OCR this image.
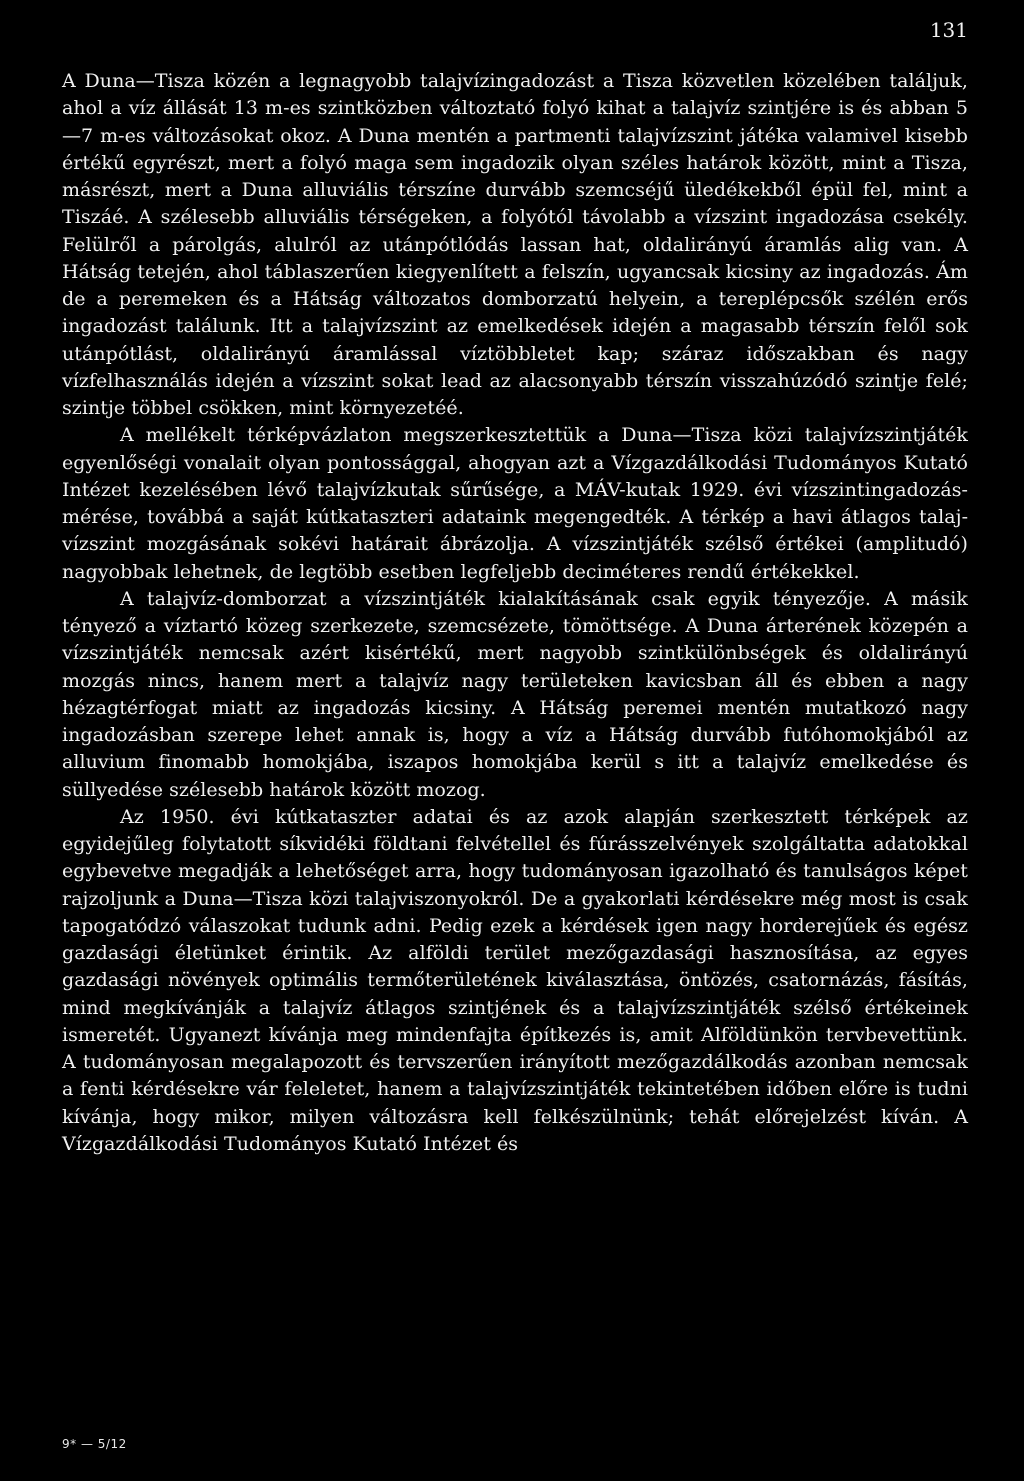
131

A Duna—Tisza közén a legnagyobb talajvízingadozást a Tisza közvetlen közelében találjuk, ahol a víz állását 13 m-es szintközben változtató folyó kihat a talajvíz szintjére is és abban 5—7 m-es változásokat okoz. A Duna mentén a partmenti talajvízszint játéka valamivel kisebb értékű egyrészt, mert a folyó maga sem ingadozik olyan széles határok között, mint a Tisza, másrészt, mert a Duna alluviális térszíne durvább szemcséjű üledékekből épül fel, mint a Tiszáé. A szélesebb alluviális térségeken, a folyótól távolabb a vízszint ingadozása csekély. Felülről a párolgás, alulról az utánpótlódás lassan hat, oldalirányú áramlás alig van. A Hátság tetején, ahol táblaszerűen kiegyenlített a felszín, ugyancsak kicsiny az ingadozás. Ám de a peremeken és a Hátság változatos domborzatú helyein, a tereplépcsők szélén erős ingadozást találunk. Itt a talajvízszint az emelkedések idején a magasabb térszín felől sok utánpótlást, oldalirányú áramlással víztöbbletet kap; száraz időszakban és nagy vízfelhasználás idején a vízszint sokat lead az alacsonyabb térszín visszahúzódó szintje felé; szintje többel csökken, mint környezetéé.

A mellékelt térképvázlaton megszerkesztettük a Duna—Tisza közi talajvízszintjáték egyenlőségi vonalait olyan pontossággal, ahogyan azt a Vízgazdálkodási Tudományos Kutató Intézet kezelésében lévő talajvízkutak sűrűsége, a MÁV-kutak 1929. évi vízszintingadozás-mérése, továbbá a saját kútkataszteri adataink megengedték. A térkép a havi átlagos talajvízszint mozgásának sokévi határait ábrázolja. A vízszintjáték szélső értékei (amplitudó) nagyobbak lehetnek, de legtöbb esetben legfeljebb deciméteres rendű értékekkel.

A talajvíz-domborzat a vízszintjáték kialakításának csak egyik tényezője. A másik tényező a víztartó közeg szerkezete, szemcsézete, tömöttsége. A Duna árterének közepén a vízszintjáték nemcsak azért kisértékű, mert nagyobb szintkülönbségek és oldalirányú mozgás nincs, hanem mert a talajvíz nagy területeken kavicsban áll és ebben a nagy hézagtérfogat miatt az ingadozás kicsiny. A Hátság peremei mentén mutatkozó nagy ingadozásban szerepe lehet annak is, hogy a víz a Hátság durvább futóhomokjából az alluvium finomabb homokjába, iszapos homokjába kerül s itt a talajvíz emelkedése és süllyedése szélesebb határok között mozog.

Az 1950. évi kútkataszter adatai és az azok alapján szerkesztett térképek az egyidejűleg folytatott síkvidéki földtani felvétellel és fúrásszelvények szolgáltatta adatokkal egybevetve megadják a lehetőséget arra, hogy tudományosan igazolható és tanulságos képet rajzoljunk a Duna—Tisza közi talajviszonyokról. De a gyakorlati kérdésekre még most is csak tapogatódzó válaszokat tudunk adni. Pedig ezek a kérdések igen nagy horderejűek és egész gazdasági életünket érintik. Az alföldi terület mezőgazdasági hasznosítása, az egyes gazdasági növények optimális termőterületének kiválasztása, öntözés, csatornázás, fásítás, mind megkívánják a talajvíz átlagos szintjének és a talajvízszintjáték szélső értékeinek ismeretét. Ugyanezt kívánja meg mindenfajta építkezés is, amit Alföldünkön tervbevettünk. A tudományosan megalapozott és tervszerűen irányított mezőgazdálkodás azonban nemcsak a fenti kérdésekre vár feleletet, hanem a talajvízszintjáték tekintetében időben előre is tudni kívánja, hogy mikor, milyen változásra kell felkészülnünk; tehát előrejelzést kíván. A Vízgazdálkodási Tudományos Kutató Intézet és

9* — 5/12
